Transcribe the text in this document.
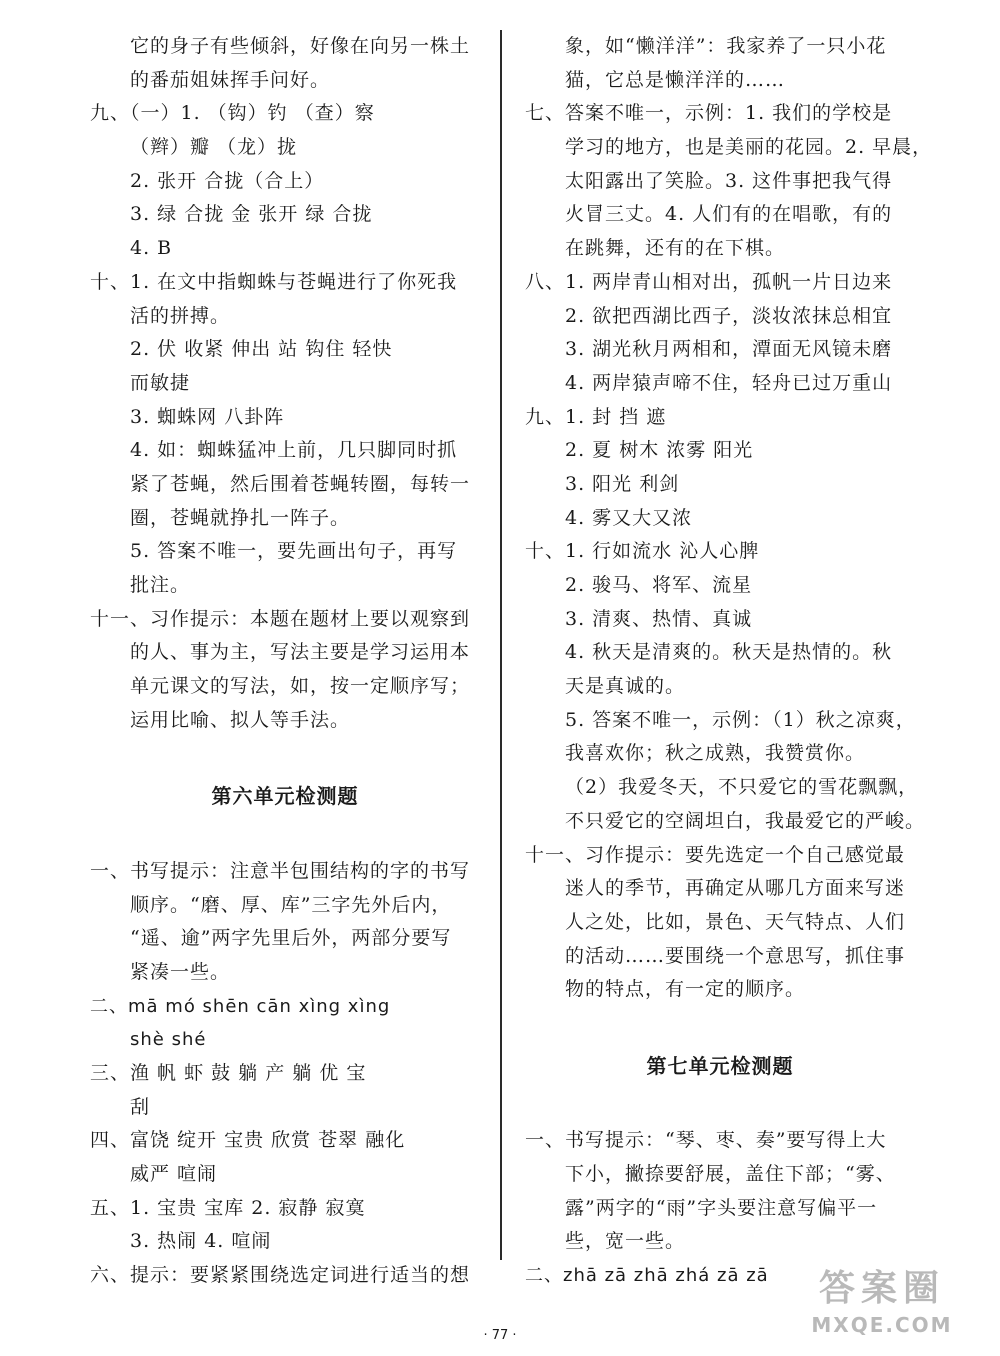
它的身子有些倾斜，好像在向另一株土
的番茄姐妹挥手问好。
九、（一）1. （钩）钓 （查）察
（辫）瓣 （龙）拢
2. 张开 合拢（合上）
3. 绿 合拢 金 张开 绿 合拢
4. B
十、1. 在文中指蜘蛛与苍蝇进行了你死我
活的拼搏。
2. 伏 收紧 伸出 站 钩住 轻快
而敏捷
3. 蜘蛛网 八卦阵
4. 如：蜘蛛猛冲上前，几只脚同时抓
紧了苍蝇，然后围着苍蝇转圈，每转一
圈，苍蝇就挣扎一阵子。
5. 答案不唯一，要先画出句子，再写
批注。
十一、习作提示：本题在题材上要以观察到
的人、事为主，写法主要是学习运用本
单元课文的写法，如，按一定顺序写；
运用比喻、拟人等手法。
第六单元检测题
一、书写提示：注意半包围结构的字的书写
顺序。“磨、厚、库”三字先外后内，
“遥、逾”两字先里后外，两部分要写
紧凑一些。
二、mā mó shēn cān xìng xìng
shè shé
三、渔 帆 虾 鼓 躺 产 躺 优 宝
刮
四、富饶 绽开 宝贵 欣赏 苍翠 融化
威严 喧闹
五、1. 宝贵 宝库 2. 寂静 寂寞
3. 热闹 4. 喧闹
六、提示：要紧紧围绕选定词进行适当的想
象，如“懒洋洋”：我家养了一只小花
猫，它总是懒洋洋的……
七、答案不唯一，示例：1. 我们的学校是
学习的地方，也是美丽的花园。2. 早晨，
太阳露出了笑脸。3. 这件事把我气得
火冒三丈。4. 人们有的在唱歌，有的
在跳舞，还有的在下棋。
八、1. 两岸青山相对出，孤帆一片日边来
2. 欲把西湖比西子，淡妆浓抹总相宜
3. 湖光秋月两相和，潭面无风镜未磨
4. 两岸猿声啼不住，轻舟已过万重山
九、1. 封 挡 遮
2. 夏 树木 浓雾 阳光
3. 阳光 利剑
4. 雾又大又浓
十、1. 行如流水 沁人心脾
2. 骏马、将军、流星
3. 清爽、热情、真诚
4. 秋天是清爽的。秋天是热情的。秋
天是真诚的。
5. 答案不唯一，示例：（1）秋之凉爽，
我喜欢你；秋之成熟，我赞赏你。
（2）我爱冬天，不只爱它的雪花飘飘，
不只爱它的空阔坦白，我最爱它的严峻。
十一、习作提示：要先选定一个自己感觉最
迷人的季节，再确定从哪几方面来写迷
人之处，比如，景色、天气特点、人们
的活动……要围绕一个意思写，抓住事
物的特点，有一定的顺序。
第七单元检测题
一、书写提示：“琴、枣、奏”要写得上大
下小，撇捺要舒展，盖住下部；“雾、
露”两字的“雨”字头要注意写偏平一
些，宽一些。
二、zhā zā zhā zhá zā zā
· 77 ·
答案圈
MXQE.COM
